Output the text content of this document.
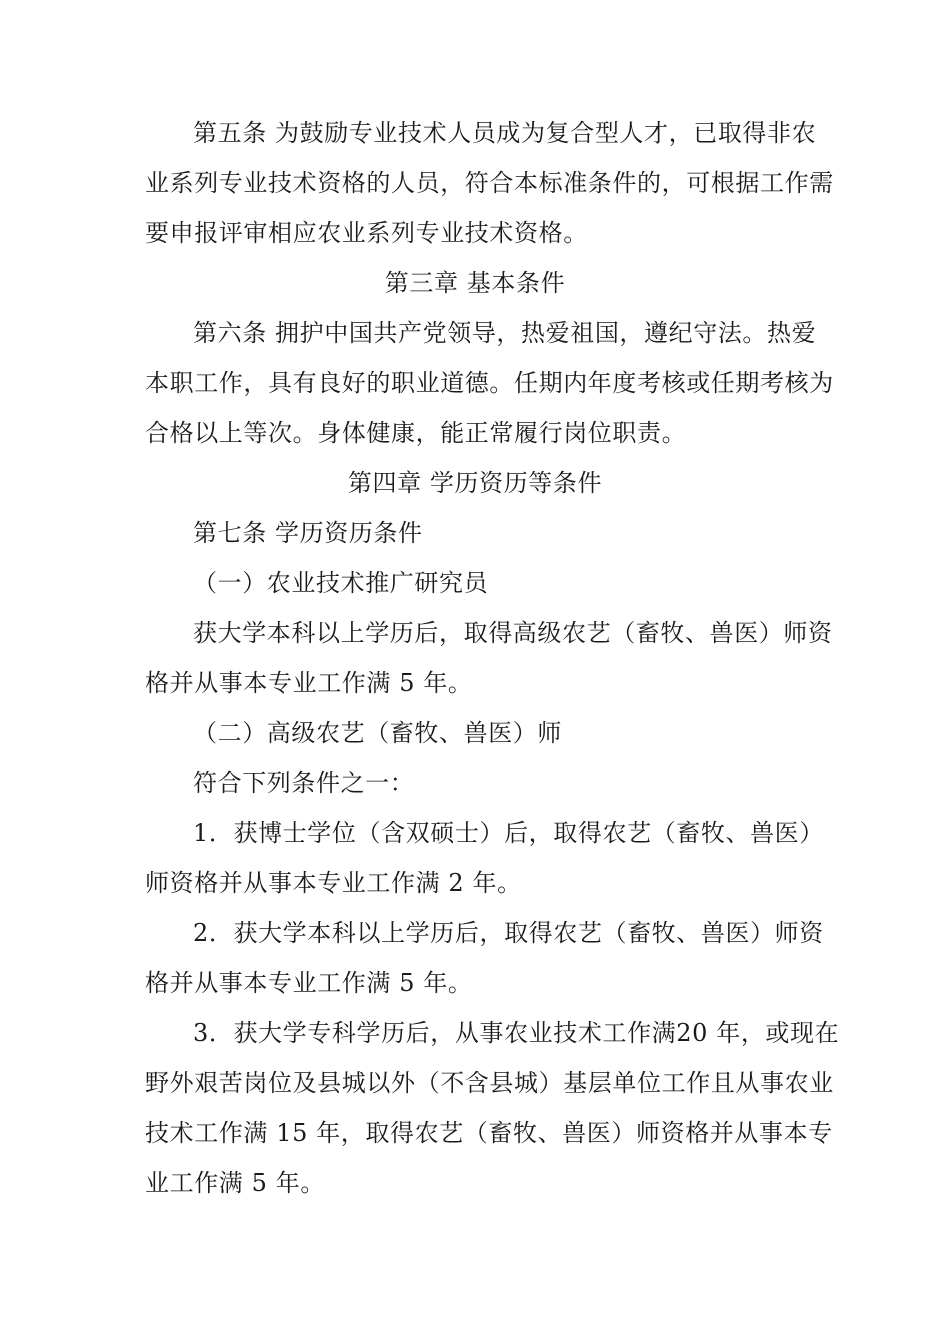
第五条 为鼓励专业技术人员成为复合型人才，已取得非农
业系列专业技术资格的人员，符合本标准条件的，可根据工作需
要申报评审相应农业系列专业技术资格。
第三章 基本条件
第六条 拥护中国共产党领导，热爱祖国，遵纪守法。热爱
本职工作，具有良好的职业道德。任期内年度考核或任期考核为
合格以上等次。身体健康，能正常履行岗位职责。
第四章 学历资历等条件
第七条 学历资历条件
（一）农业技术推广研究员
获大学本科以上学历后，取得高级农艺（畜牧、兽医）师资
格并从事本专业工作满 5 年。
（二）高级农艺（畜牧、兽医）师
符合下列条件之一：
1．获博士学位（含双硕士）后，取得农艺（畜牧、兽医）
师资格并从事本专业工作满 2 年。
2．获大学本科以上学历后，取得农艺（畜牧、兽医）师资
格并从事本专业工作满 5 年。
3．获大学专科学历后，从事农业技术工作满20 年，或现在
野外艰苦岗位及县城以外（不含县城）基层单位工作且从事农业
技术工作满 15 年，取得农艺（畜牧、兽医）师资格并从事本专
业工作满 5 年。
